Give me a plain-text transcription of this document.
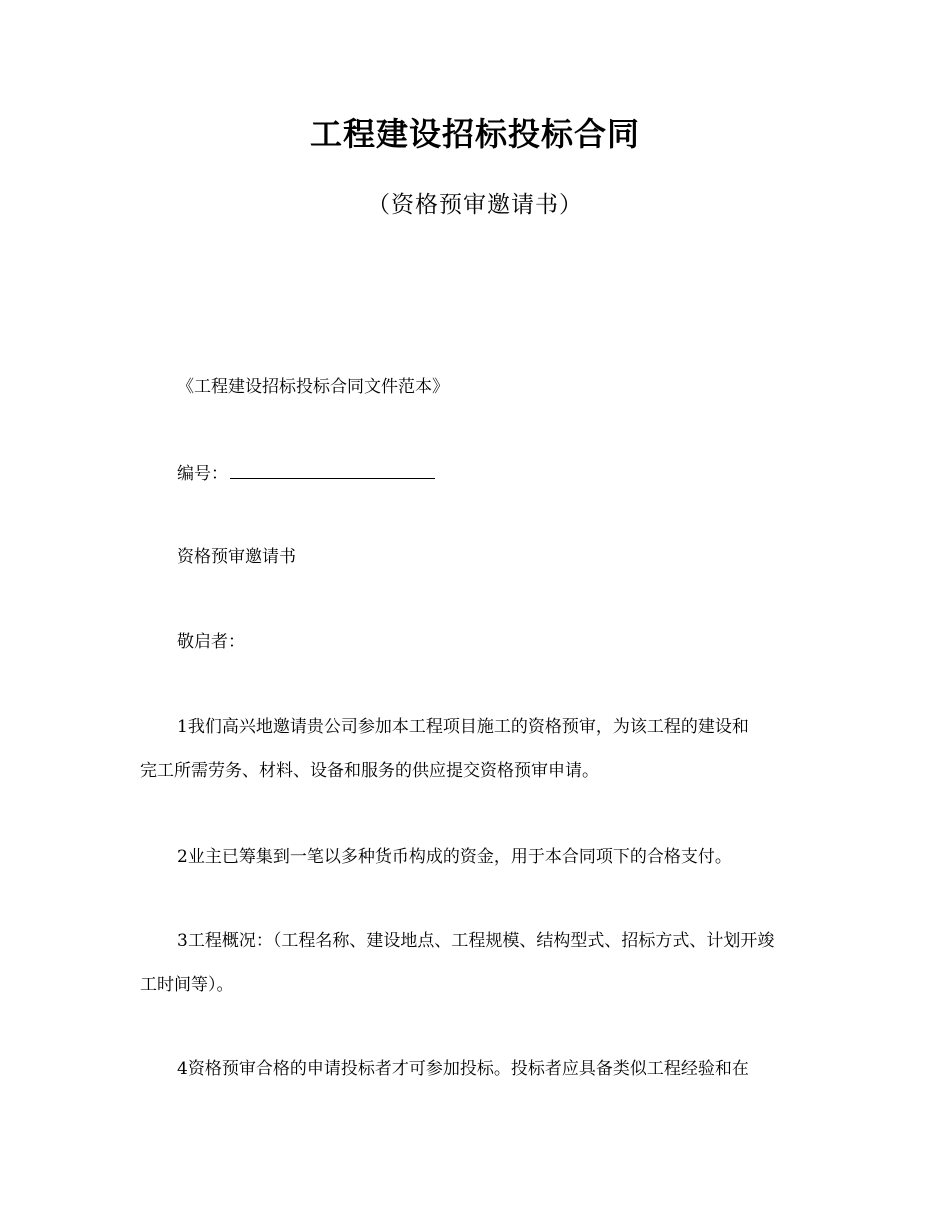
工程建设招标投标合同
（资格预审邀请书）
《工程建设招标投标合同文件范本》
编号：
资格预审邀请书
敬启者：
1我们高兴地邀请贵公司参加本工程项目施工的资格预审，为该工程的建设和
完工所需劳务、材料、设备和服务的供应提交资格预审申请。
2业主已筹集到一笔以多种货币构成的资金，用于本合同项下的合格支付。
3工程概况：（工程名称、建设地点、工程规模、结构型式、招标方式、计划开竣
工时间等）。
4资格预审合格的申请投标者才可参加投标。投标者应具备类似工程经验和在
